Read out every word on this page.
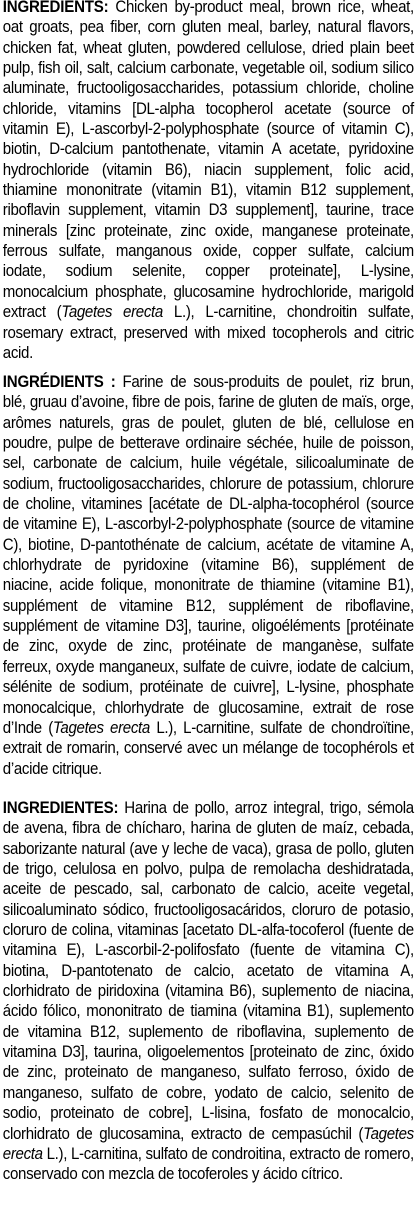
INGREDIENTS: Chicken by-product meal, brown rice, wheat, oat groats, pea fiber, corn gluten meal, barley, natural flavors, chicken fat, wheat gluten, powdered cellulose, dried plain beet pulp, fish oil, salt, calcium carbonate, vegetable oil, sodium silico aluminate, fructooligosaccharides, potassium chloride, choline chloride, vitamins [DL-alpha tocopherol acetate (source of vitamin E), L-ascorbyl-2-polyphosphate (source of vitamin C), biotin, D-calcium pantothenate, vitamin A acetate, pyridoxine hydrochloride (vitamin B6), niacin supplement, folic acid, thiamine mononitrate (vitamin B1), vitamin B12 supplement, riboflavin supplement, vitamin D3 supplement], taurine, trace minerals [zinc proteinate, zinc oxide, manganese proteinate, ferrous sulfate, manganous oxide, copper sulfate, calcium iodate, sodium selenite, copper proteinate], L-lysine, monocalcium phosphate, glucosamine hydrochloride, marigold extract (Tagetes erecta L.), L-carnitine, chondroitin sulfate, rosemary extract, preserved with mixed tocopherols and citric acid.

INGRÉDIENTS : Farine de sous-produits de poulet, riz brun, blé, gruau d’avoine, fibre de pois, farine de gluten de maïs, orge, arômes naturels, gras de poulet, gluten de blé, cellulose en poudre, pulpe de betterave ordinaire séchée, huile de poisson, sel, carbonate de calcium, huile végétale, silicoaluminate de sodium, fructooligosaccharides, chlorure de potassium, chlorure de choline, vitamines [acétate de DL-alpha-tocophérol (source de vitamine E), L-ascorbyl-2-polyphosphate (source de vitamine C), biotine, D-pantothénate de calcium, acétate de vitamine A, chlorhydrate de pyridoxine (vitamine B6), supplément de niacine, acide folique, mononitrate de thiamine (vitamine B1), supplément de vitamine B12, supplément de riboflavine, supplément de vitamine D3], taurine, oligoéléments [protéinate de zinc, oxyde de zinc, protéinate de manganèse, sulfate ferreux, oxyde manganeux, sulfate de cuivre, iodate de calcium, sélénite de sodium, protéinate de cuivre], L-lysine, phosphate monocalcique, chlorhydrate de glucosamine, extrait de rose d’Inde (Tagetes erecta L.), L-carnitine, sulfate de chondroïtine, extrait de romarin, conservé avec un mélange de tocophérols et d’acide citrique.

INGREDIENTES: Harina de pollo, arroz integral, trigo, sémola de avena, fibra de chícharo, harina de gluten de maíz, cebada, saborizante natural (ave y leche de vaca), grasa de pollo, gluten de trigo, celulosa en polvo, pulpa de remolacha deshidratada, aceite de pescado, sal, carbonato de calcio, aceite vegetal, silicoaluminato sódico, fructooligosacáridos, cloruro de potasio, cloruro de colina, vitaminas [acetato DL-alfa-tocoferol (fuente de vitamina E), L-ascorbil-2-polifosfato (fuente de vitamina C), biotina, D-pantotenato de calcio, acetato de vitamina A, clorhidrato de piridoxina (vitamina B6), suplemento de niacina, ácido fólico, mononitrato de tiamina (vitamina B1), suplemento de vitamina B12, suplemento de riboflavina, suplemento de vitamina D3], taurina, oligoelementos [proteinato de zinc, óxido de zinc, proteinato de manganeso, sulfato ferroso, óxido de manganeso, sulfato de cobre, yodato de calcio, selenito de sodio, proteinato de cobre], L-lisina, fosfato de monocalcio, clorhidrato de glucosamina, extracto de cempasúchil (Tagetes erecta L.), L-carnitina, sulfato de condroitina, extracto de romero, conservado con mezcla de tocoferoles y ácido cítrico.
